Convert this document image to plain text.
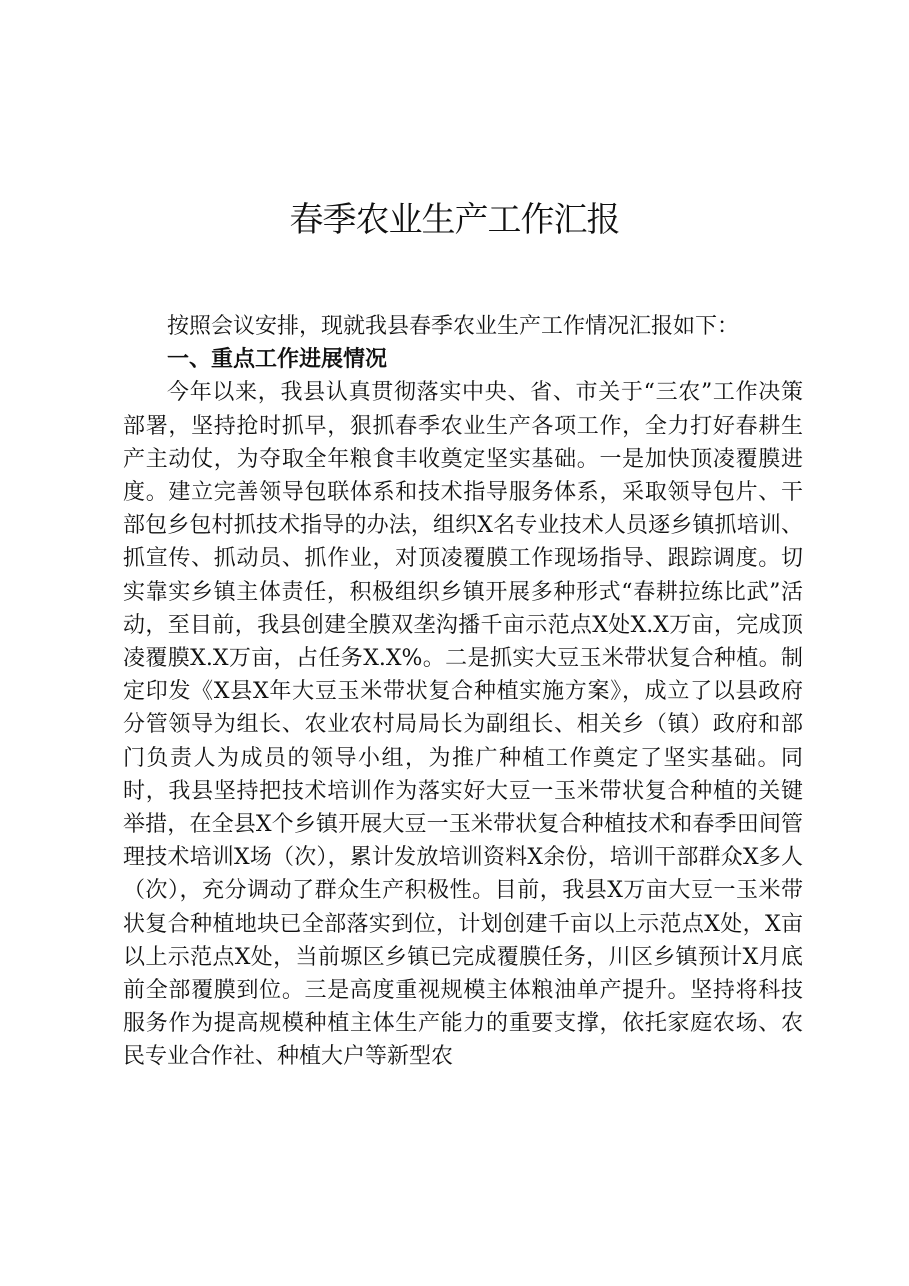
春季农业生产工作汇报

按照会议安排，现就我县春季农业生产工作情况汇报如下：

一、重点工作进展情况

今年以来，我县认真贯彻落实中央、省、市关于“三农”工作决策部署，坚持抢时抓早，狠抓春季农业生产各项工作，全力打好春耕生产主动仗，为夺取全年粮食丰收奠定坚实基础。一是加快顶凌覆膜进度。建立完善领导包联体系和技术指导服务体系，采取领导包片、干部包乡包村抓技术指导的办法，组织X名专业技术人员逐乡镇抓培训、抓宣传、抓动员、抓作业，对顶凌覆膜工作现场指导、跟踪调度。切实靠实乡镇主体责任，积极组织乡镇开展多种形式“春耕拉练比武”活动，至目前，我县创建全膜双垄沟播千亩示范点X处X.X万亩，完成顶凌覆膜X.X万亩，占任务X.X%。二是抓实大豆玉米带状复合种植。制定印发《X县X年大豆玉米带状复合种植实施方案》，成立了以县政府分管领导为组长、农业农村局局长为副组长、相关乡（镇）政府和部门负责人为成员的领导小组，为推广种植工作奠定了坚实基础。同时，我县坚持把技术培训作为落实好大豆一玉米带状复合种植的关键举措，在全县X个乡镇开展大豆一玉米带状复合种植技术和春季田间管理技术培训X场（次），累计发放培训资料X余份，培训干部群众X多人（次），充分调动了群众生产积极性。目前，我县X万亩大豆一玉米带状复合种植地块已全部落实到位，计划创建千亩以上示范点X处，X亩以上示范点X处，当前塬区乡镇已完成覆膜任务，川区乡镇预计X月底前全部覆膜到位。三是高度重视规模主体粮油单产提升。坚持将科技服务作为提高规模种植主体生产能力的重要支撑，依托家庭农场、农民专业合作社、种植大户等新型农
